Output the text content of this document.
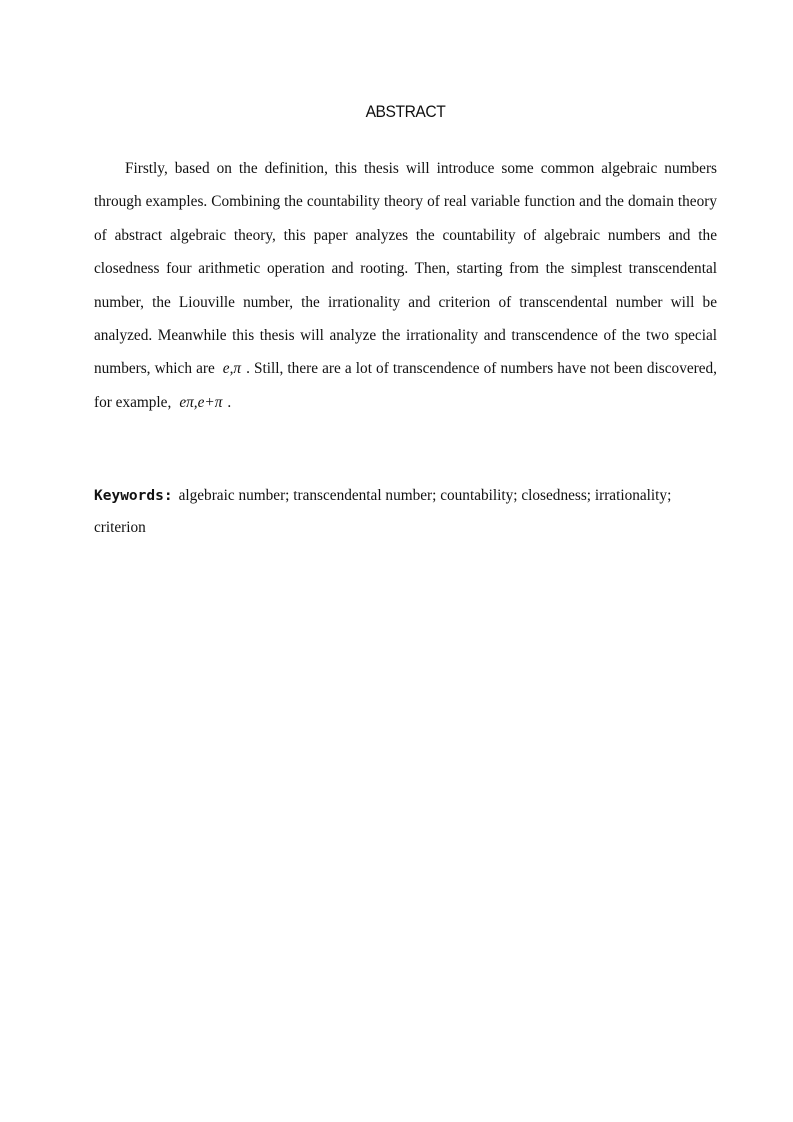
ABSTRACT

Firstly, based on the definition, this thesis will introduce some common algebraic numbers through examples. Combining the countability theory of real variable function and the domain theory of abstract algebraic theory, this paper analyzes the countability of algebraic numbers and the closedness four arithmetic operation and rooting. Then, starting from the simplest transcendental number, the Liouville number, the irrationality and criterion of transcendental number will be analyzed. Meanwhile this thesis will analyze the irrationality and transcendence of the two special numbers, which are e,π . Still, there are a lot of transcendence of numbers have not been discovered, for example, eπ,e+π .

Keywords: algebraic number; transcendental number; countability; closedness; irrationality; criterion
